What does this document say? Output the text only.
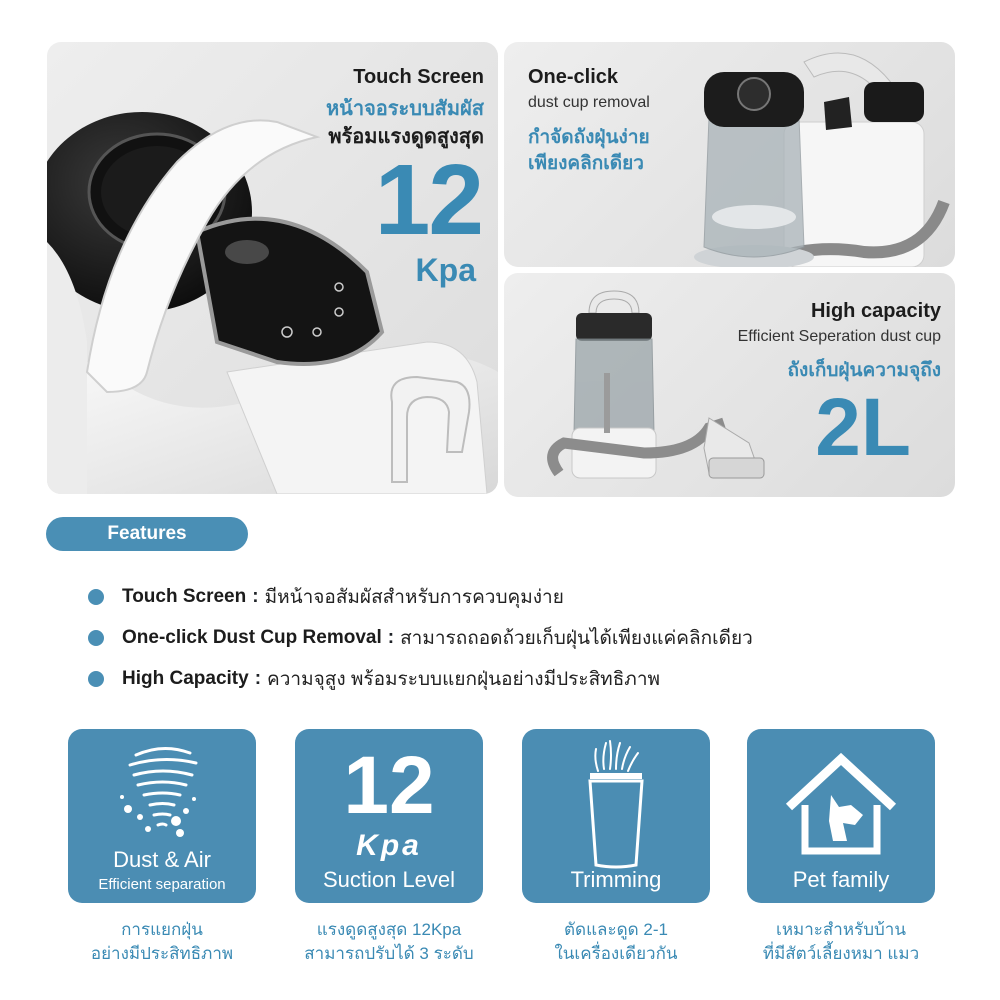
Touch Screen
หน้าจอระบบสัมผัส
พร้อมแรงดูดสูงสุด
12
Kpa
One-click
dust cup removal
กำจัดถังฝุ่นง่าย
เพียงคลิกเดียว
High capacity
Efficient Seperation dust cup
ถังเก็บฝุ่นความจุถึง
2L
Features
Touch Screen : มีหน้าจอสัมผัสสำหรับการควบคุมง่าย
One-click Dust Cup Removal : สามารถถอดถ้วยเก็บฝุ่นได้เพียงแค่คลิกเดียว
High Capacity : ความจุสูง พร้อมระบบแยกฝุ่นอย่างมีประสิทธิภาพ
Dust & Air
Efficient separation
12
Kpa
Suction Level	Trimming	Pet family
การแยกฝุ่น
อย่างมีประสิทธิภาพ
แรงดูดสูงสุด 12Kpa
สามารถปรับได้ 3 ระดับ
ตัดและดูด 2-1
ในเครื่องเดียวกัน
เหมาะสำหรับบ้าน
ที่มีสัตว์เลี้ยงหมา แมว
